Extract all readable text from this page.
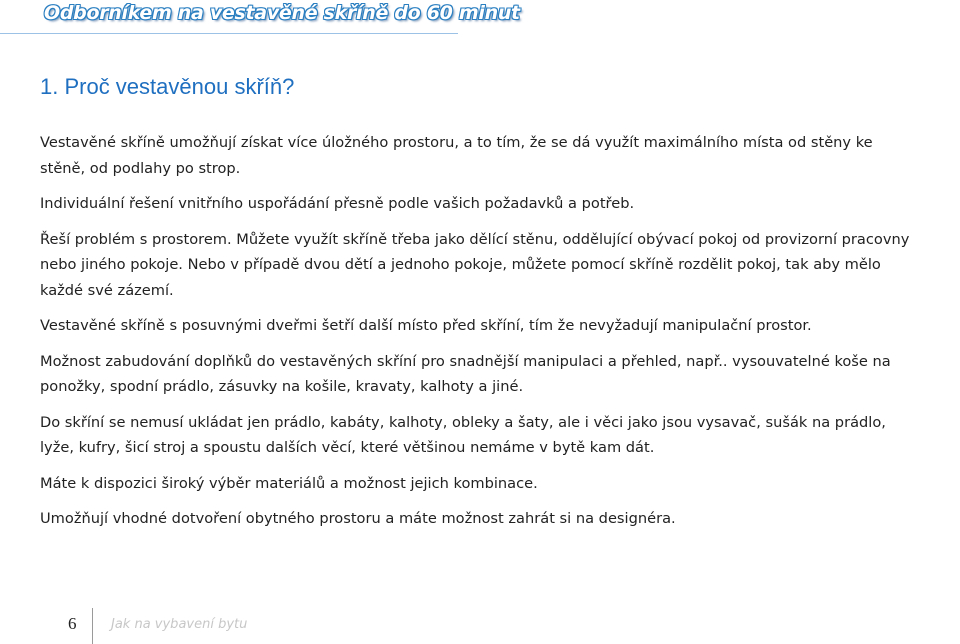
Odborníkem na vestavěné skříně do 60 minut
1. Proč vestavěnou skříň?

Vestavěné skříně umožňují získat více úložného prostoru, a to tím, že se dá využít maximálního místa od stěny ke stěně, od podlahy po strop.

Individuální řešení vnitřního uspořádání přesně podle vašich požadavků a potřeb.

Řeší problém s prostorem. Můžete využít skříně třeba jako dělící stěnu, oddělující obývací pokoj od provizorní pracovny nebo jiného pokoje. Nebo v případě dvou dětí a jednoho pokoje, můžete pomocí skříně rozdělit pokoj, tak aby mělo každé své zázemí.

Vestavěné skříně s posuvnými dveřmi šetří další místo před skříní, tím že nevyžadují manipulační prostor.

Možnost zabudování doplňků do vestavěných skříní pro snadnější manipulaci a přehled, např.. vysouvatelné koše na ponožky, spodní prádlo, zásuvky na košile, kravaty, kalhoty a jiné.

Do skříní se nemusí ukládat jen prádlo, kabáty, kalhoty, obleky a šaty, ale i věci jako jsou vysavač, sušák na prádlo, lyže, kufry, šicí stroj a spoustu dalších věcí, které většinou nemáme v bytě kam dát.

Máte k dispozici široký výběr materiálů a možnost jejich kombinace.

Umožňují vhodné dotvoření obytného prostoru a máte možnost zahrát si na designéra.

6	Jak na vybavení bytu
